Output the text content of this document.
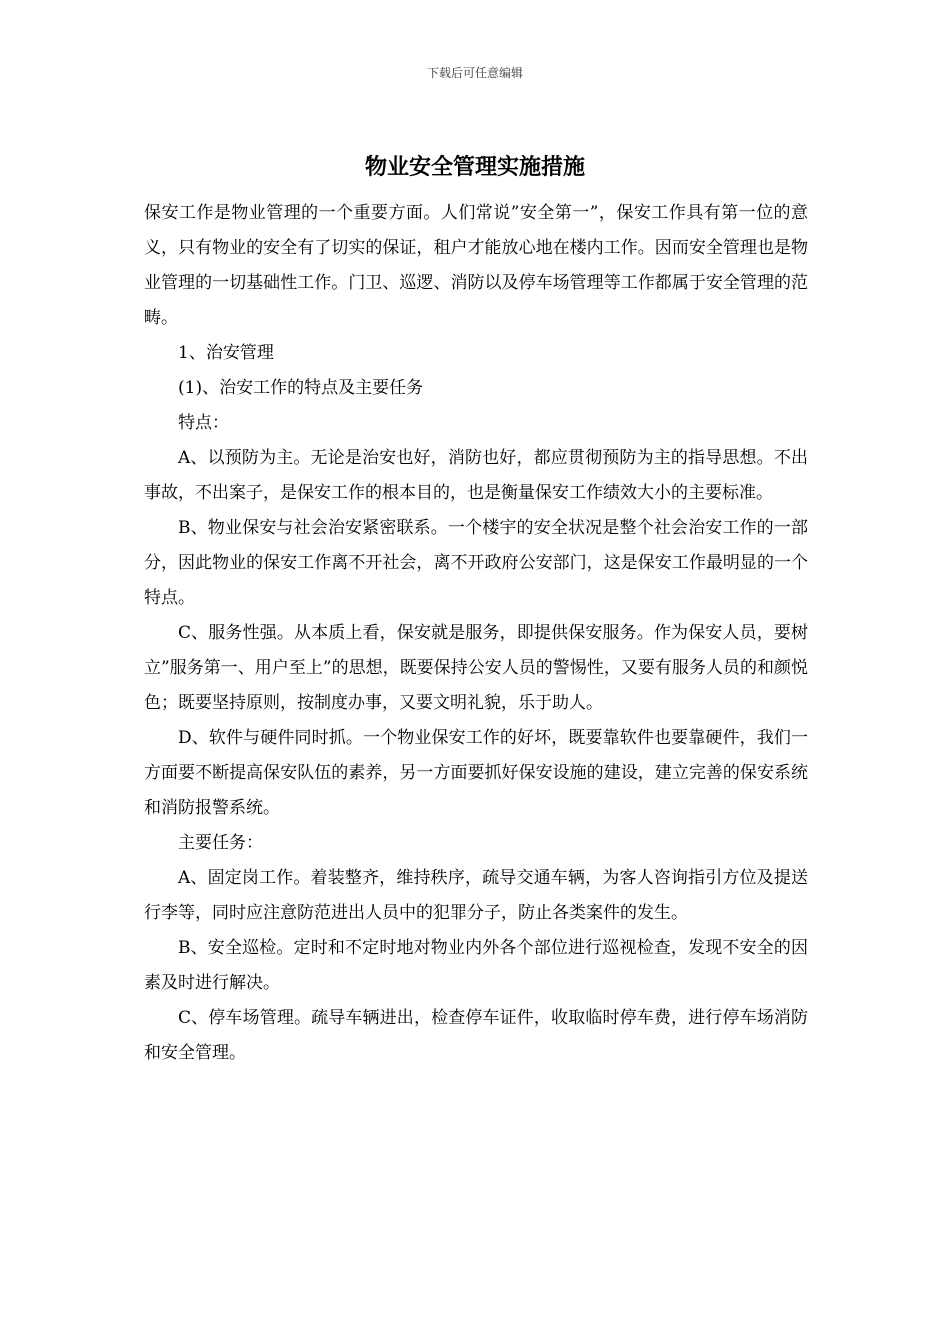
下载后可任意编辑
物业安全管理实施措施

保安工作是物业管理的一个重要方面。人们常说”安全第一”，保安工作具有第一位的意义，只有物业的安全有了切实的保证，租户才能放心地在楼内工作。因而安全管理也是物业管理的一切基础性工作。门卫、巡逻、消防以及停车场管理等工作都属于安全管理的范畴。

1、治安管理

(1)、治安工作的特点及主要任务

特点：

A、以预防为主。无论是治安也好，消防也好，都应贯彻预防为主的指导思想。不出事故，不出案子，是保安工作的根本目的，也是衡量保安工作绩效大小的主要标准。

B、物业保安与社会治安紧密联系。一个楼宇的安全状况是整个社会治安工作的一部分，因此物业的保安工作离不开社会，离不开政府公安部门，这是保安工作最明显的一个特点。

C、服务性强。从本质上看，保安就是服务，即提供保安服务。作为保安人员，要树立”服务第一、用户至上”的思想，既要保持公安人员的警惕性，又要有服务人员的和颜悦色；既要坚持原则，按制度办事，又要文明礼貌，乐于助人。

D、软件与硬件同时抓。一个物业保安工作的好坏，既要靠软件也要靠硬件，我们一方面要不断提高保安队伍的素养，另一方面要抓好保安设施的建设，建立完善的保安系统和消防报警系统。

主要任务：

A、固定岗工作。着装整齐，维持秩序，疏导交通车辆，为客人咨询指引方位及提送行李等，同时应注意防范进出人员中的犯罪分子，防止各类案件的发生。

B、安全巡检。定时和不定时地对物业内外各个部位进行巡视检查，发现不安全的因素及时进行解决。

C、停车场管理。疏导车辆进出，检查停车证件，收取临时停车费，进行停车场消防和安全管理。
